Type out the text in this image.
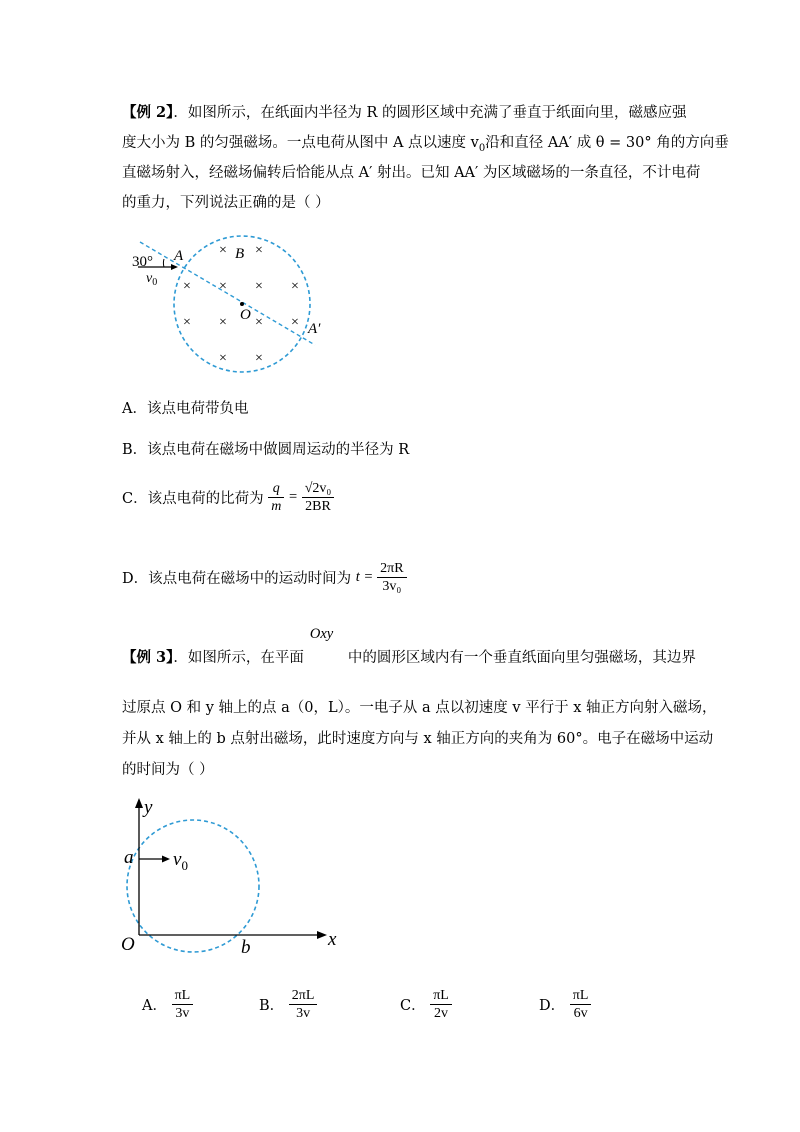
【例 2】．如图所示，在纸面内半径为 R 的圆形区域中充满了垂直于纸面向里，磁感应强
度大小为 B 的匀强磁场。一点电荷从图中 A 点以速度 $v_0$沿和直径 AA′ 成 θ = 30° 角的方向垂
直磁场射入，经磁场偏转后恰能从点 A′ 射出。已知 AA′ 为区域磁场的一条直径，不计电荷
的重力，下列说法正确的是（ ）
30°
$v_0$
A
A′
O
B
× ×
× × × ×
× × × ×
× ×
A．该点电荷带负电
B．该点电荷在磁场中做圆周运动的半径为 R
C．该点电荷的比荷为 $\frac{q}{m} = \frac{\text{√2v₀}}{2BR}$
D．该点电荷在磁场中的运动时间为 $t = \frac{2\pi R}{\text{3v₀}}$
【例 3】．如图所示，在平面
Oxy
中的圆形区域内有一个垂直纸面向里匀强磁场，其边界
过原点 O 和 y 轴上的点 a（0，L）。一电子从 a 点以初速度 v 平行于 x 轴正方向射入磁场，
并从 x 轴上的 b 点射出磁场，此时速度方向与 x 轴正方向的夹角为 60°。电子在磁场中运动
的时间为（ ）
y
x
O
a
b
$v_0$
A． $\frac{\pi L}{3v}$	B． $\frac{2\pi L}{3v}$	C． $\frac{\pi L}{2v}$	D． $\frac{\pi L}{6v}$
